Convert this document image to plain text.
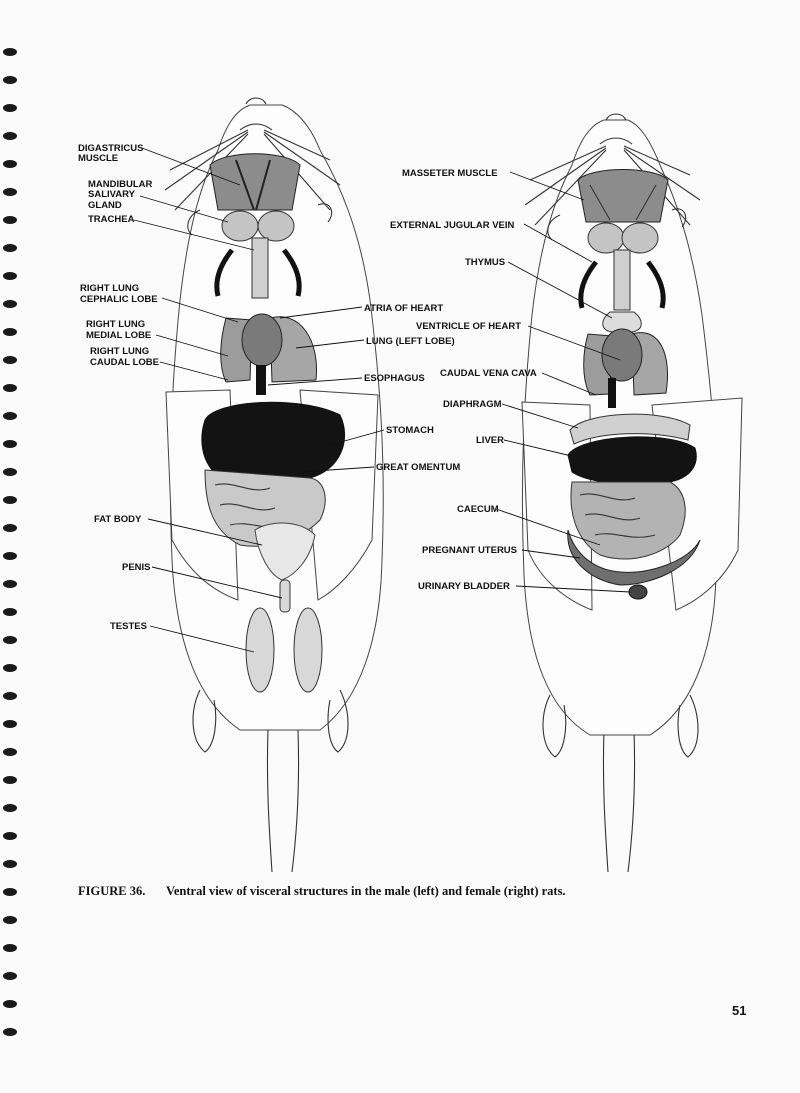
DIGASTRICUS
MUSCLE
MANDIBULAR
SALIVARY
GLAND
TRACHEA
RIGHT LUNG
CEPHALIC LOBE
RIGHT LUNG
MEDIAL LOBE
RIGHT LUNG
CAUDAL LOBE
ATRIA OF HEART
LUNG (LEFT LOBE)
ESOPHAGUS
STOMACH
GREAT OMENTUM
FAT BODY
PENIS
TESTES
MASSETER MUSCLE
EXTERNAL JUGULAR VEIN
THYMUS
VENTRICLE OF HEART
CAUDAL VENA CAVA
DIAPHRAGM
LIVER
CAECUM
PREGNANT UTERUS
URINARY BLADDER
FIGURE 36. Ventral view of visceral structures in the male (left) and female (right) rats.
51
